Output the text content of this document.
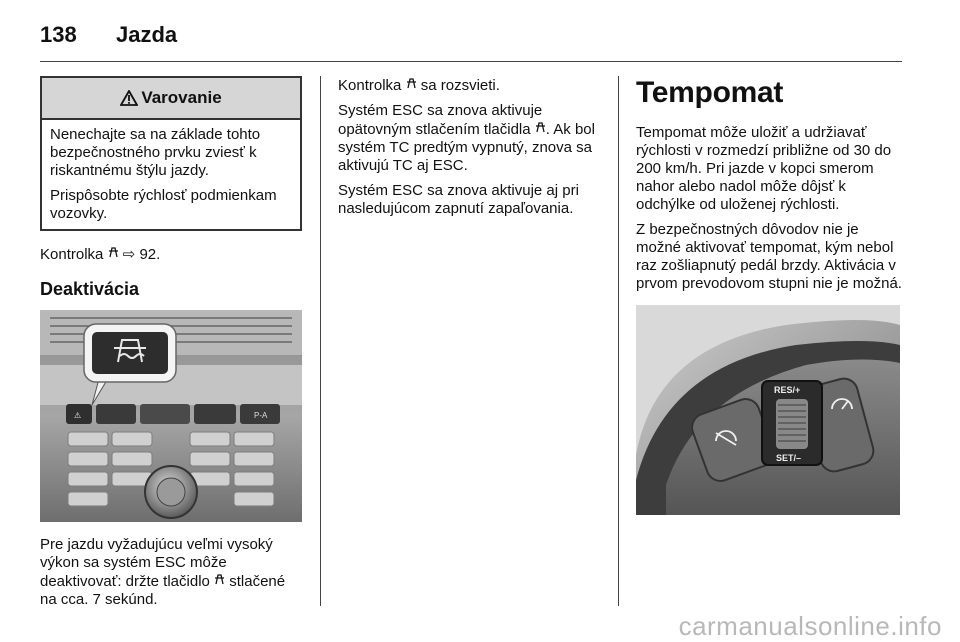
138 Jazda
Varovanie

Nenechajte sa na základe tohto bezpečnostného prvku zviesť k riskantnému štýlu jazdy.

Prispôsobte rýchlosť podmienkam vozovky.

Kontrolka ⇨ 92.

Deaktivácia
P-A
⚠

Pre jazdu vyžadujúcu veľmi vysoký výkon sa systém ESC môže deaktivovať: držte tlačidlo stlačené na cca. 7 sekúnd.

Kontrolka sa rozsvieti.

Systém ESC sa znova aktivuje opätovným stlačením tlačidla . Ak bol systém TC predtým vypnutý, znova sa aktivujú TC aj ESC.

Systém ESC sa znova aktivuje aj pri nasledujúcom zapnutí zapaľovania.

Tempomat

Tempomat môže uložiť a udržiavať rýchlosti v rozmedzí približne od 30 do 200 km/h. Pri jazde v kopci smerom nahor alebo nadol môže dôjsť k odchýlke od uloženej rýchlosti.

Z bezpečnostných dôvodov nie je možné aktivovať tempomat, kým nebol raz zošliapnutý pedál brzdy. Aktivácia v prvom prevodovom stupni nie je možná.

RES/+
SET/–
carmanualsonline.info
